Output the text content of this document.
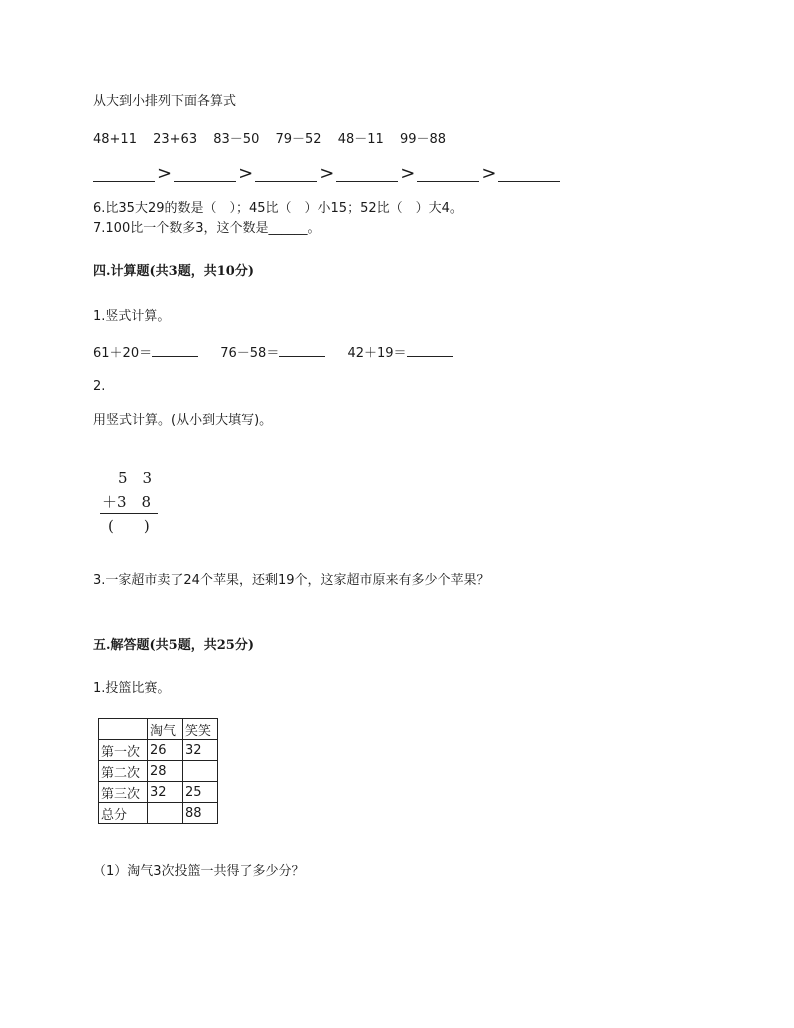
从大到小排列下面各算式
48+11 23+63 83－50 79－52 48－11 99－88
>	>	>	>	>
6.比35大29的数是（　）；45比（　）小15；52比（　）大4。
7.100比一个数多3，这个数是______。
四.计算题(共3题，共10分)
1.竖式计算。
61＋20＝	76－58＝	42＋19＝
2.
用竖式计算。(从小到大填写)。
5　3
＋3　8
(　　)
3.一家超市卖了24个苹果，还剩19个，这家超市原来有多少个苹果？
五.解答题(共5题，共25分)
1.投篮比赛。
	淘气	笑笑
第一次	26	32
第二次	28	
第三次	32	25
总分		88
（1）淘气3次投篮一共得了多少分？
